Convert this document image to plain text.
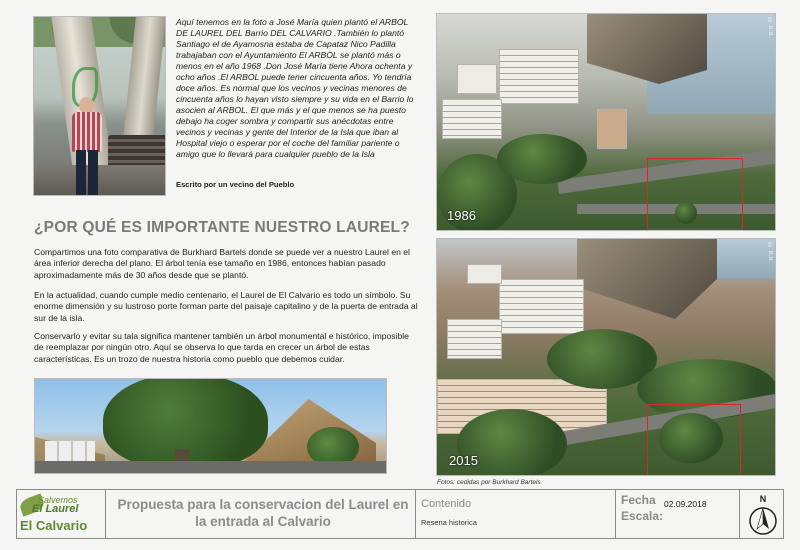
Aquí tenemos en la foto a José María quien plantó el ARBOL DE LAUREL DEL Barrio DEL CALVARIO .También lo plantó Santiago el de Ayamosna estaba de Capataz Nico Padilla trabajaban con el Ayuntamiento El ARBOL se plantó más o menos en el año 1968 .Don José María tiene Ahora ochenta y ocho años .El ARBOL puede tener cincuenta años. Yo tendría doce años. Es normal que los vecinos y vecinas menores de cincuenta años lo hayan visto siempre y su vida en el Barrio lo asocien al ARBOL. El que más y el que menos se ha puesto debajo ha coger sombra y compartir sus anécdotas entre vecinos y vecinas y gente del Interior de la Isla que iban al Hospital viejo o esperar por el coche del familiar pariente o amigo que lo llevará para cualquier pueblo de la Isla
Escrito por un vecino del Pueblo
1986
© B.B.
2015
© B.B.
Fotos: cedidas por Burkhard Bartels
¿POR QUÉ ES IMPORTANTE NUESTRO LAUREL?

Compartimos una foto comparativa de Burkhard Bartels donde se puede ver a nuestro Laurel en el área inferior derecha del plano. El árbol tenía ese tamaño en 1986, entonces habían pasado aproximadamente más de 30 años desde que se plantó.

En la actualidad, cuando cumple medio centenario, el Laurel de El Calvario es todo un símbolo. Su enorme dimensión y su lustroso porte forman parte del paisaje capitalino y de la puerta de entrada al sur de la isla.

Conservarlo y evitar su tala significa mantener también un árbol monumental e histórico, imposible de reemplazar por ningún otro. Aquí se observa lo que tarda en crecer un árbol de estas características. Es un trozo de nuestra historia como pueblo que debemos cuidar.

Salvemos
El Laurel
El Calvario
Propuesta para la conservacion del Laurel en la entrada al Calvario
Contenido
Resena historica
Fecha 02.09.2018
Escala:
N
